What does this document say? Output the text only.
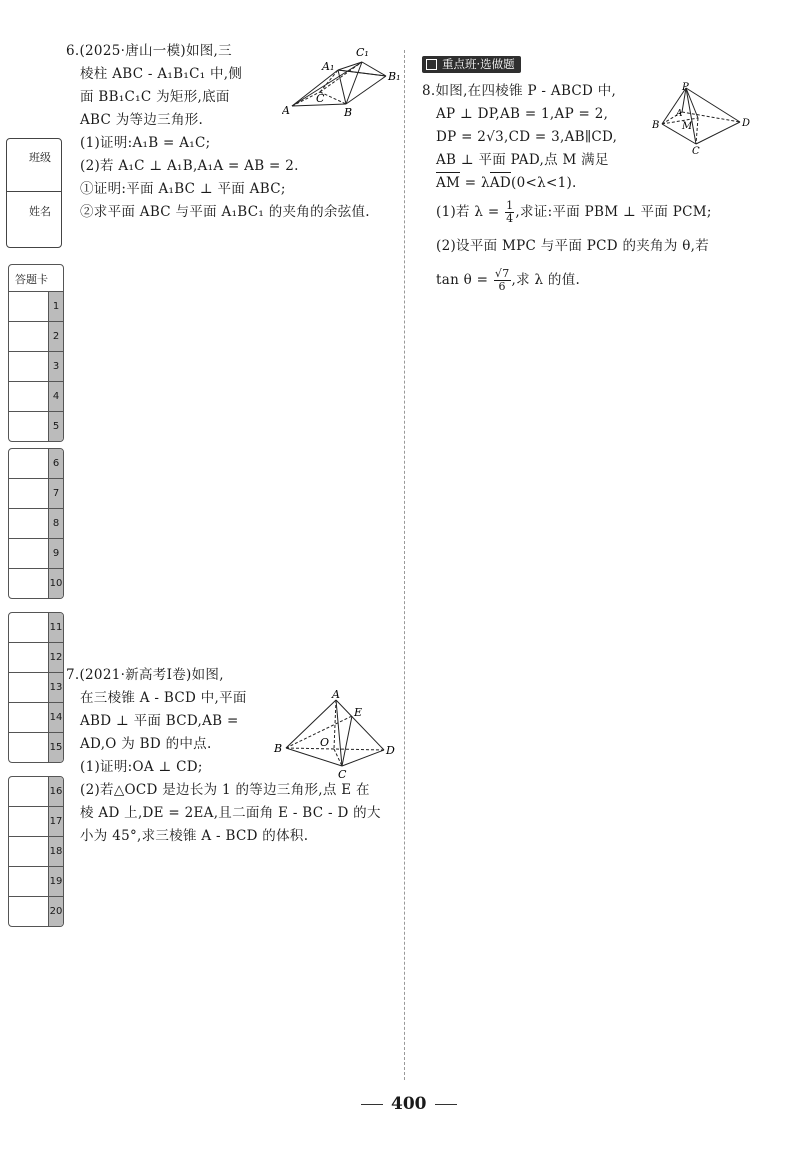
班级
姓名
答题卡
1
2
3
4
5
6
7
8
9
10
11
12
13
14
15
16
17
18
19
20
6.(2025·唐山一模)如图,三
棱柱 ABC - A₁B₁C₁ 中,侧
面 BB₁C₁C 为矩形,底面
ABC 为等边三角形.
(1)证明:A₁B = A₁C;
(2)若 A₁C ⊥ A₁B,A₁A = AB = 2.
①证明:平面 A₁BC ⊥ 平面 ABC;
②求平面 ABC 与平面 A₁BC₁ 的夹角的余弦值.
A₁
C₁
B₁
A
C
B
重点班·选做题
8.如图,在四棱锥 P - ABCD 中,
AP ⊥ DP,AB = 1,AP = 2,
DP = 2√3,CD = 3,AB∥CD,
AB ⊥ 平面 PAD,点 M 满足
AM = λAD(0<λ<1).
(1)若 $\lambda = \frac{1}{4}$ ,求证:平面 PBM ⊥ 平面 PCM;
(2)设平面 MPC 与平面 PCD 的夹角为 θ,若
$\tan \theta = \frac{√7}{6}$ ,求 λ 的值.
P
A
B M	D
C
7.(2021·新高考Ⅰ卷)如图,
在三棱锥 A - BCD 中,平面
ABD ⊥ 平面 BCD,AB =
AD,O 为 BD 的中点.
(1)证明:OA ⊥ CD;
(2)若△OCD 是边长为 1 的等边三角形,点 E 在
棱 AD 上,DE = 2EA,且二面角 E - BC - D 的大
小为 45°,求三棱锥 A - BCD 的体积.
A
E
B	O
D
C
400
